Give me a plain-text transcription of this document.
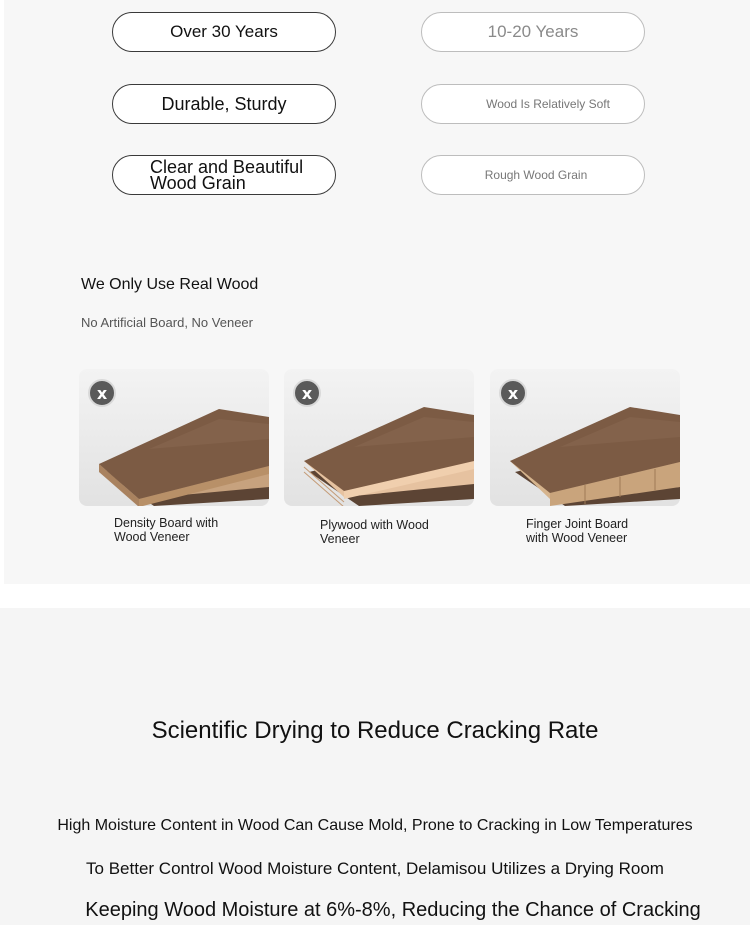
Over 30 Years
Durable, Sturdy
Clear and Beautiful
Wood Grain
10-20 Years
Wood Is Relatively Soft
Rough Wood Grain
We Only Use Real Wood
No Artificial Board, No Veneer
x	x	x
Density Board with
Wood Veneer
Plywood with Wood
Veneer
Finger Joint Board
with Wood Veneer
Scientific Drying to Reduce Cracking Rate
High Moisture Content in Wood Can Cause Mold, Prone to Cracking in Low Temperatures
To Better Control Wood Moisture Content, Delamisou Utilizes a Drying Room
Keeping Wood Moisture at 6%-8%, Reducing the Chance of Cracking
